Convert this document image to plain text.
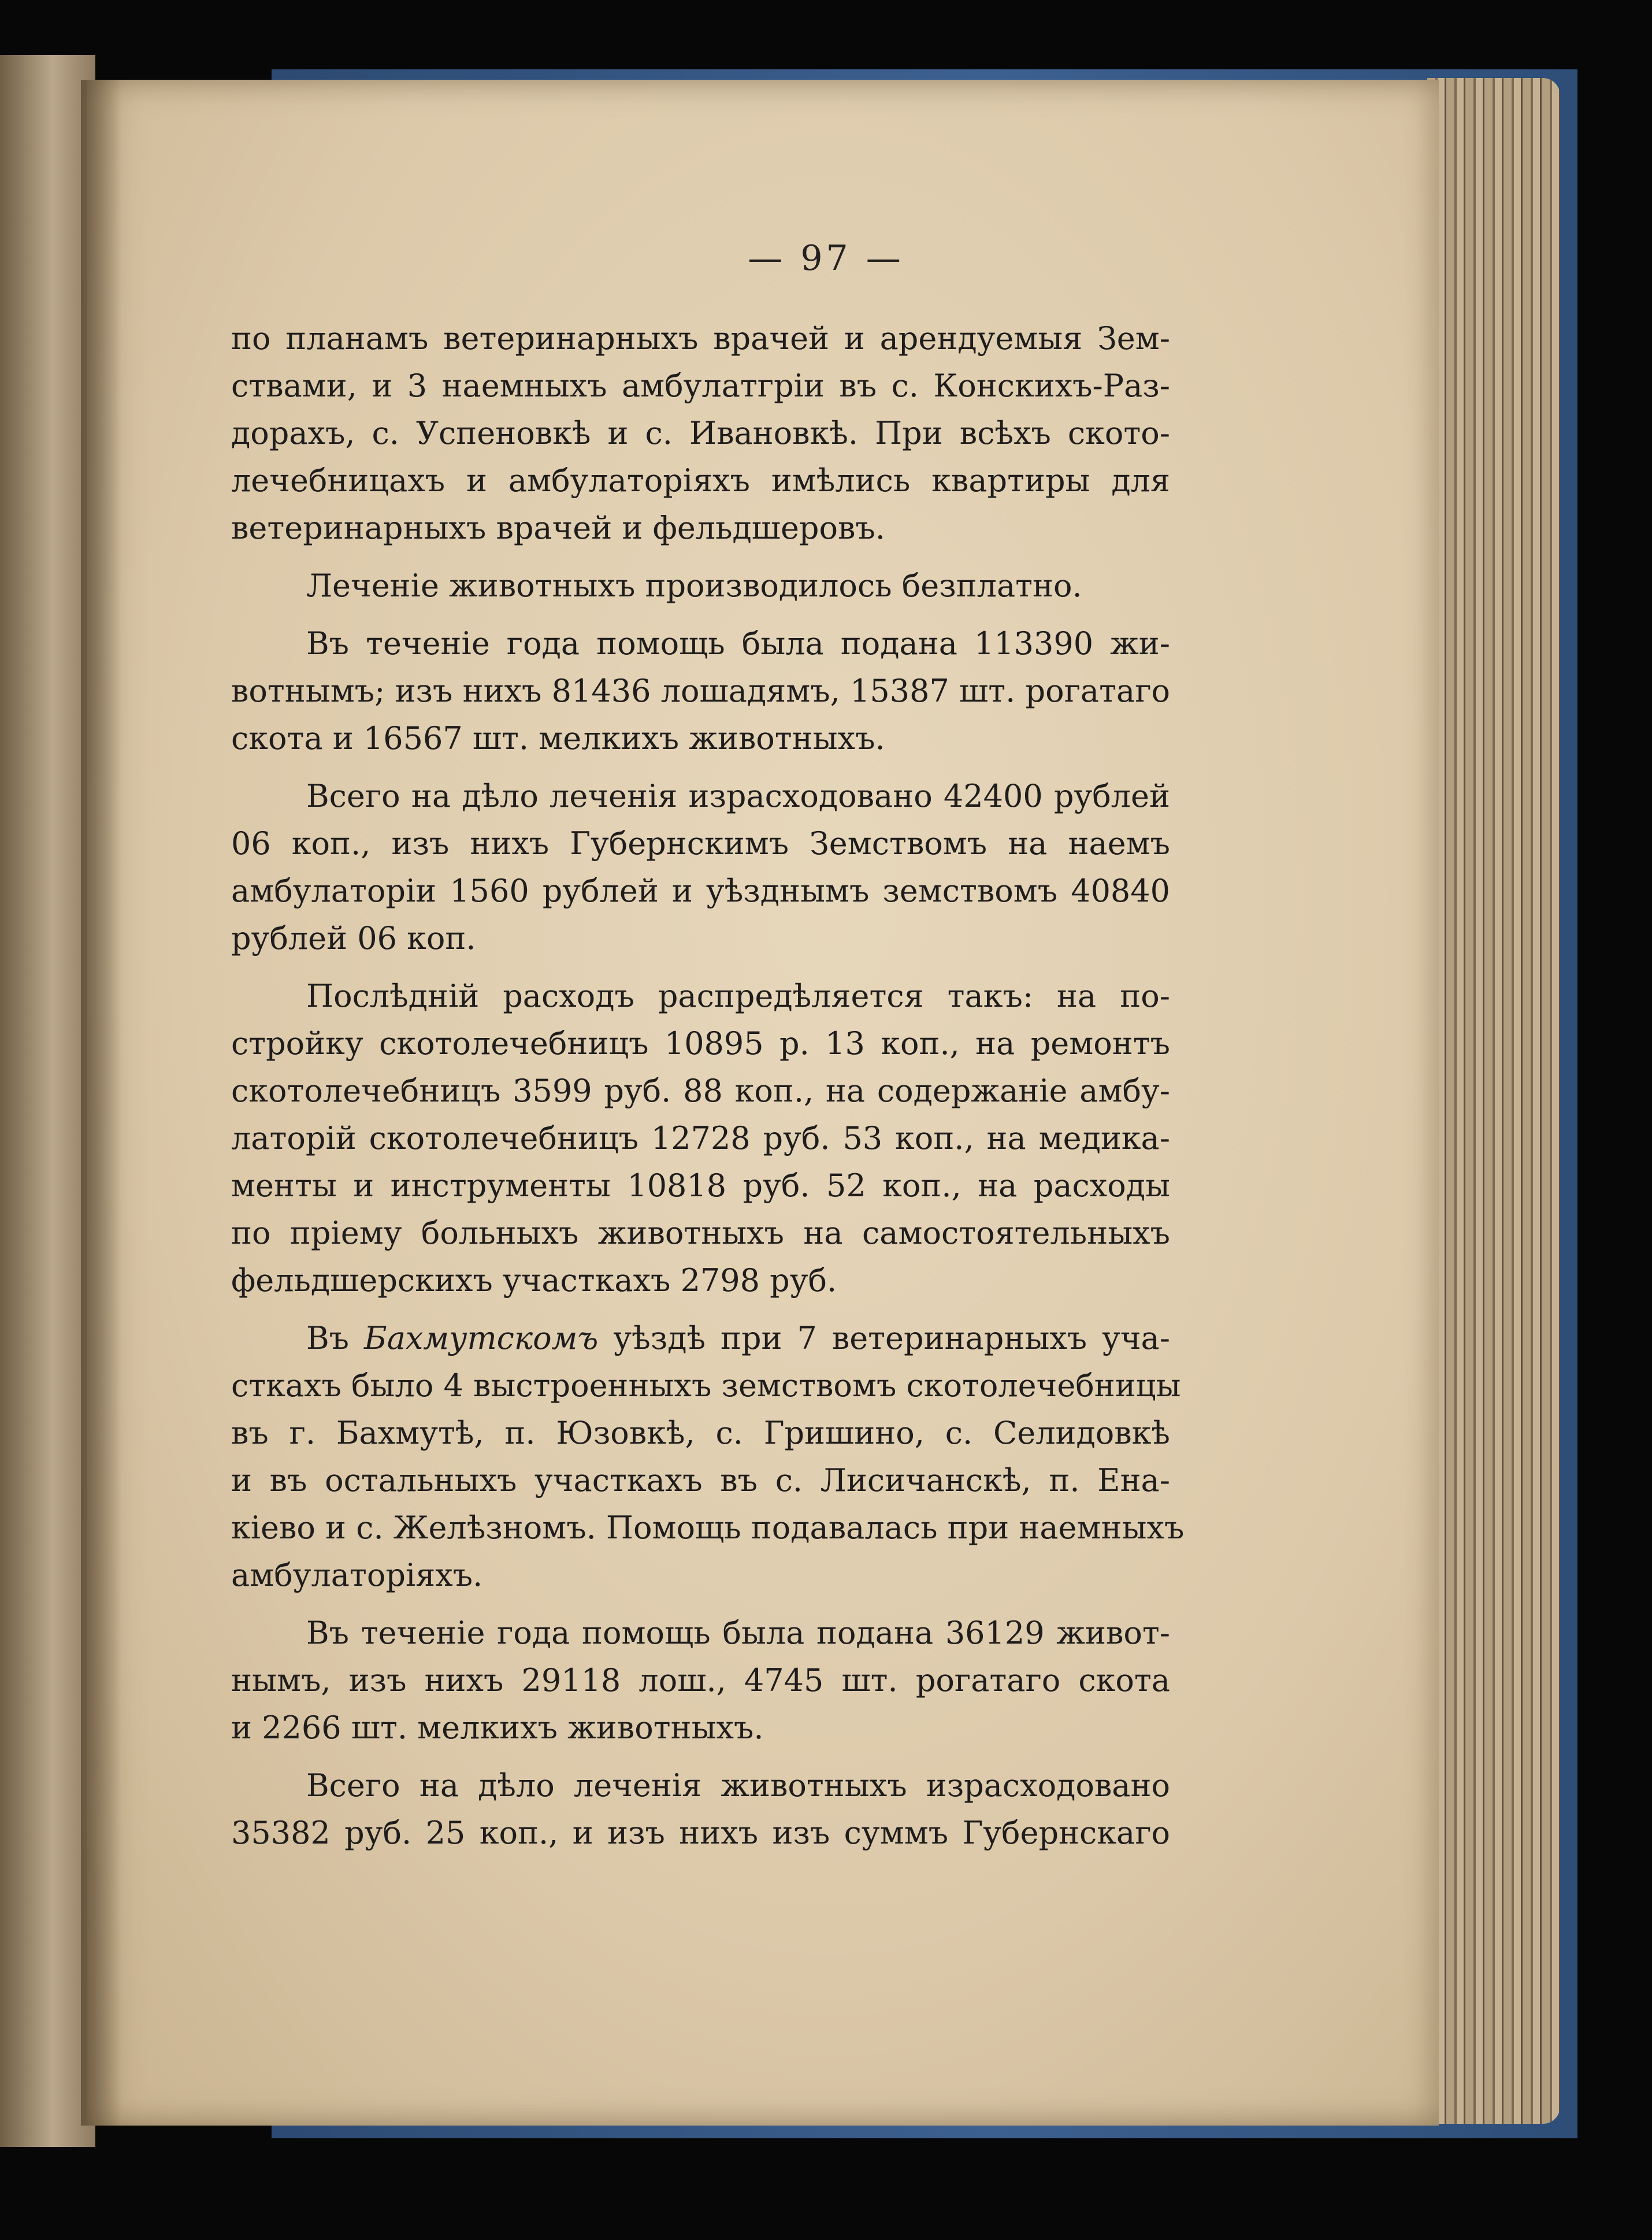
— 97 —
по планамъ ветеринарныхъ врачей и арендуемыя Зем-
ствами, и 3 наемныхъ амбулатгріи въ с. Конскихъ-Раз-
дорахъ, с. Успеновкѣ и с. Ивановкѣ. При всѣхъ ското-
лечебницахъ и амбулаторіяхъ имѣлись квартиры для
ветеринарныхъ врачей и фельдшеровъ.
Леченіе животныхъ производилось безплатно.
Въ теченіе года помощь была подана 113390 жи-
вотнымъ; изъ нихъ 81436 лошадямъ, 15387 шт. рогатаго
скота и 16567 шт. мелкихъ животныхъ.
Всего на дѣло леченія израсходовано 42400 рублей
06 коп., изъ нихъ Губернскимъ Земствомъ на наемъ
амбулаторіи 1560 рублей и уѣзднымъ земствомъ 40840
рублей 06 коп.
Послѣдній расходъ распредѣляется такъ: на по-
стройку скотолечебницъ 10895 р. 13 коп., на ремонтъ
скотолечебницъ 3599 руб. 88 коп., на содержаніе амбу-
латорій скотолечебницъ 12728 руб. 53 коп., на медика-
менты и инструменты 10818 руб. 52 коп., на расходы
по пріему больныхъ животныхъ на самостоятельныхъ
фельдшерскихъ участкахъ 2798 руб.
Въ Бахмутскомъ уѣздѣ при 7 ветеринарныхъ уча-
сткахъ было 4 выстроенныхъ земствомъ скотолечебницы
въ г. Бахмутѣ, п. Юзовкѣ, с. Гришино, с. Селидовкѣ
и въ остальныхъ участкахъ въ с. Лисичанскѣ, п. Ена-
кіево и с. Желѣзномъ. Помощь подавалась при наемныхъ
амбулаторіяхъ.
Въ теченіе года помощь была подана 36129 живот-
нымъ, изъ нихъ 29118 лош., 4745 шт. рогатаго скота
и 2266 шт. мелкихъ животныхъ.
Всего на дѣло леченія животныхъ израсходовано
35382 руб. 25 коп., и изъ нихъ изъ суммъ Губернскаго
